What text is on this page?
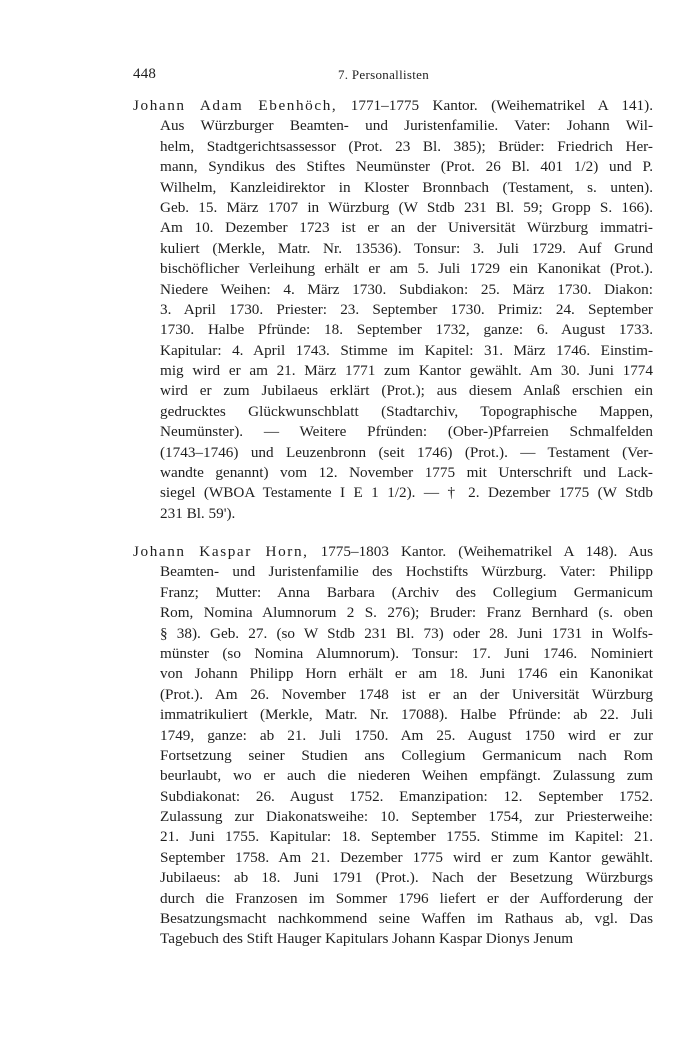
448	7. Personallisten
Johann Adam Ebenhöch, 1771–1775 Kantor. (Weihematrikel A 141).
Aus Würzburger Beamten- und Juristenfamilie. Vater: Johann Wil-
helm, Stadtgerichtsassessor (Prot. 23 Bl. 385); Brüder: Friedrich Her-
mann, Syndikus des Stiftes Neumünster (Prot. 26 Bl. 401 1/2) und P.
Wilhelm, Kanzleidirektor in Kloster Bronnbach (Testament, s. unten).
Geb. 15. März 1707 in Würzburg (W Stdb 231 Bl. 59; Gropp S. 166).
Am 10. Dezember 1723 ist er an der Universität Würzburg immatri-
kuliert (Merkle, Matr. Nr. 13536). Tonsur: 3. Juli 1729. Auf Grund
bischöflicher Verleihung erhält er am 5. Juli 1729 ein Kanonikat (Prot.).
Niedere Weihen: 4. März 1730. Subdiakon: 25. März 1730. Diakon:
3. April 1730. Priester: 23. September 1730. Primiz: 24. September
1730. Halbe Pfründe: 18. September 1732, ganze: 6. August 1733.
Kapitular: 4. April 1743. Stimme im Kapitel: 31. März 1746. Einstim-
mig wird er am 21. März 1771 zum Kantor gewählt. Am 30. Juni 1774
wird er zum Jubilaeus erklärt (Prot.); aus diesem Anlaß erschien ein
gedrucktes Glückwunschblatt (Stadtarchiv, Topographische Mappen,
Neumünster). — Weitere Pfründen: (Ober-)Pfarreien Schmalfelden
(1743–1746) und Leuzenbronn (seit 1746) (Prot.). — Testament (Ver-
wandte genannt) vom 12. November 1775 mit Unterschrift und Lack-
siegel (WBOA Testamente I E 1 1/2). — † 2. Dezember 1775 (W Stdb
231 Bl. 59').
Johann Kaspar Horn, 1775–1803 Kantor. (Weihematrikel A 148). Aus
Beamten- und Juristenfamilie des Hochstifts Würzburg. Vater: Philipp
Franz; Mutter: Anna Barbara (Archiv des Collegium Germanicum
Rom, Nomina Alumnorum 2 S. 276); Bruder: Franz Bernhard (s. oben
§ 38). Geb. 27. (so W Stdb 231 Bl. 73) oder 28. Juni 1731 in Wolfs-
münster (so Nomina Alumnorum). Tonsur: 17. Juni 1746. Nominiert
von Johann Philipp Horn erhält er am 18. Juni 1746 ein Kanonikat
(Prot.). Am 26. November 1748 ist er an der Universität Würzburg
immatrikuliert (Merkle, Matr. Nr. 17088). Halbe Pfründe: ab 22. Juli
1749, ganze: ab 21. Juli 1750. Am 25. August 1750 wird er zur
Fortsetzung seiner Studien ans Collegium Germanicum nach Rom
beurlaubt, wo er auch die niederen Weihen empfängt. Zulassung zum
Subdiakonat: 26. August 1752. Emanzipation: 12. September 1752.
Zulassung zur Diakonatsweihe: 10. September 1754, zur Priesterweihe:
21. Juni 1755. Kapitular: 18. September 1755. Stimme im Kapitel: 21.
September 1758. Am 21. Dezember 1775 wird er zum Kantor gewählt.
Jubilaeus: ab 18. Juni 1791 (Prot.). Nach der Besetzung Würzburgs
durch die Franzosen im Sommer 1796 liefert er der Aufforderung der
Besatzungsmacht nachkommend seine Waffen im Rathaus ab, vgl. Das
Tagebuch des Stift Hauger Kapitulars Johann Kaspar Dionys Jenum
